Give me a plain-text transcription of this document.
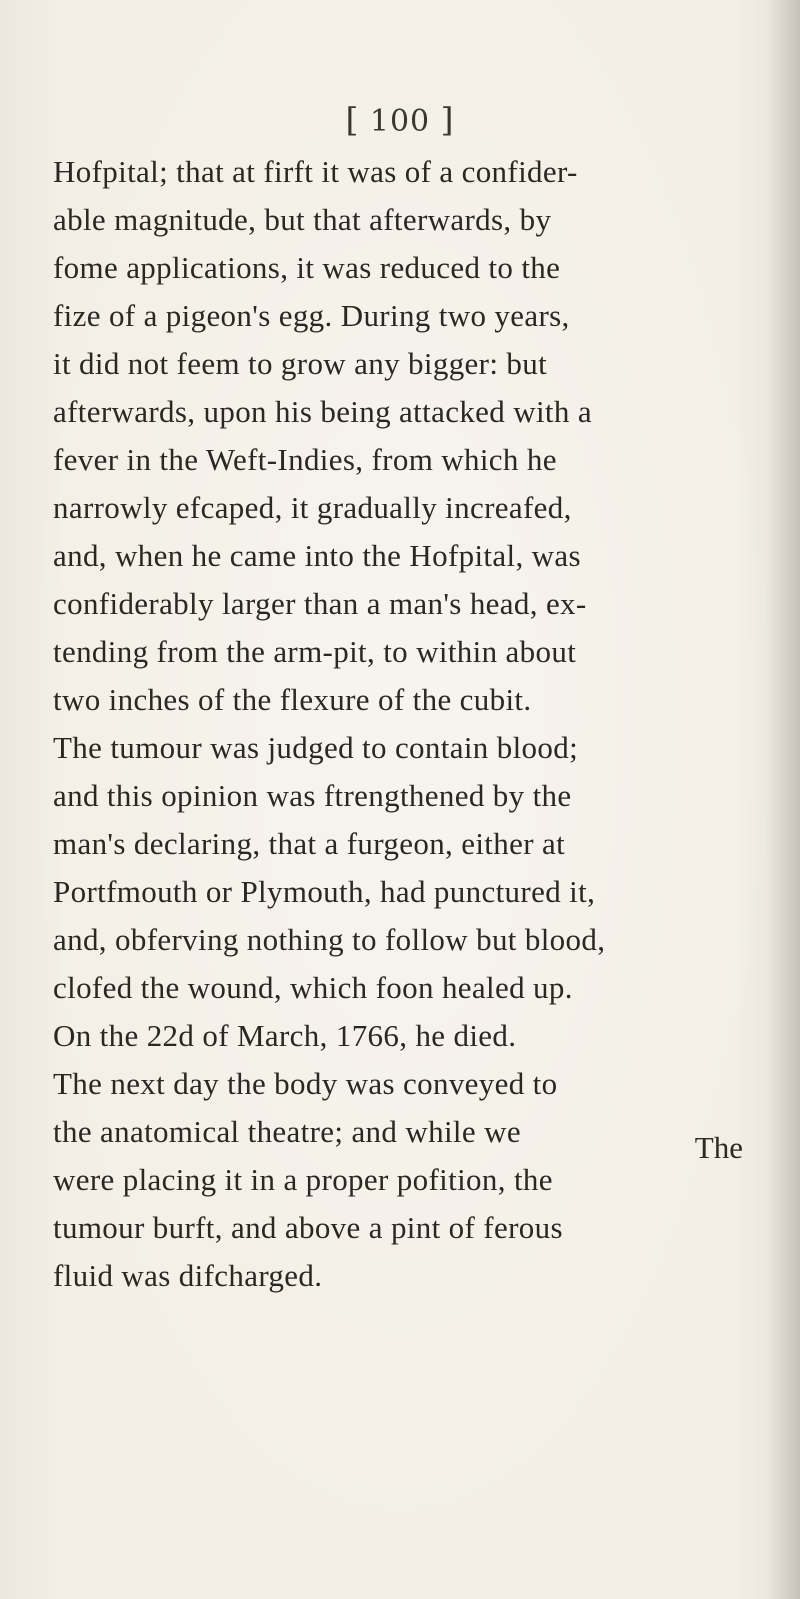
[ 100 ]
Hofpital; that at firft it was of a confider-
able magnitude, but that afterwards, by
fome applications, it was reduced to the
fize of a pigeon's egg. During two years,
it did not feem to grow any bigger: but
afterwards, upon his being attacked with a
fever in the Weft-Indies, from which he
narrowly efcaped, it gradually increafed,
and, when he came into the Hofpital, was
confiderably larger than a man's head, ex-
tending from the arm-pit, to within about
two inches of the flexure of the cubit.
The tumour was judged to contain blood;
and this opinion was ftrengthened by the
man's declaring, that a furgeon, either at
Portfmouth or Plymouth, had punctured it,
and, obferving nothing to follow but blood,
clofed the wound, which foon healed up.
On the 22d of March, 1766, he died.
The next day the body was conveyed to
the anatomical theatre; and while we
were placing it in a proper pofition, the
tumour burft, and above a pint of ferous
fluid was difcharged.
The
